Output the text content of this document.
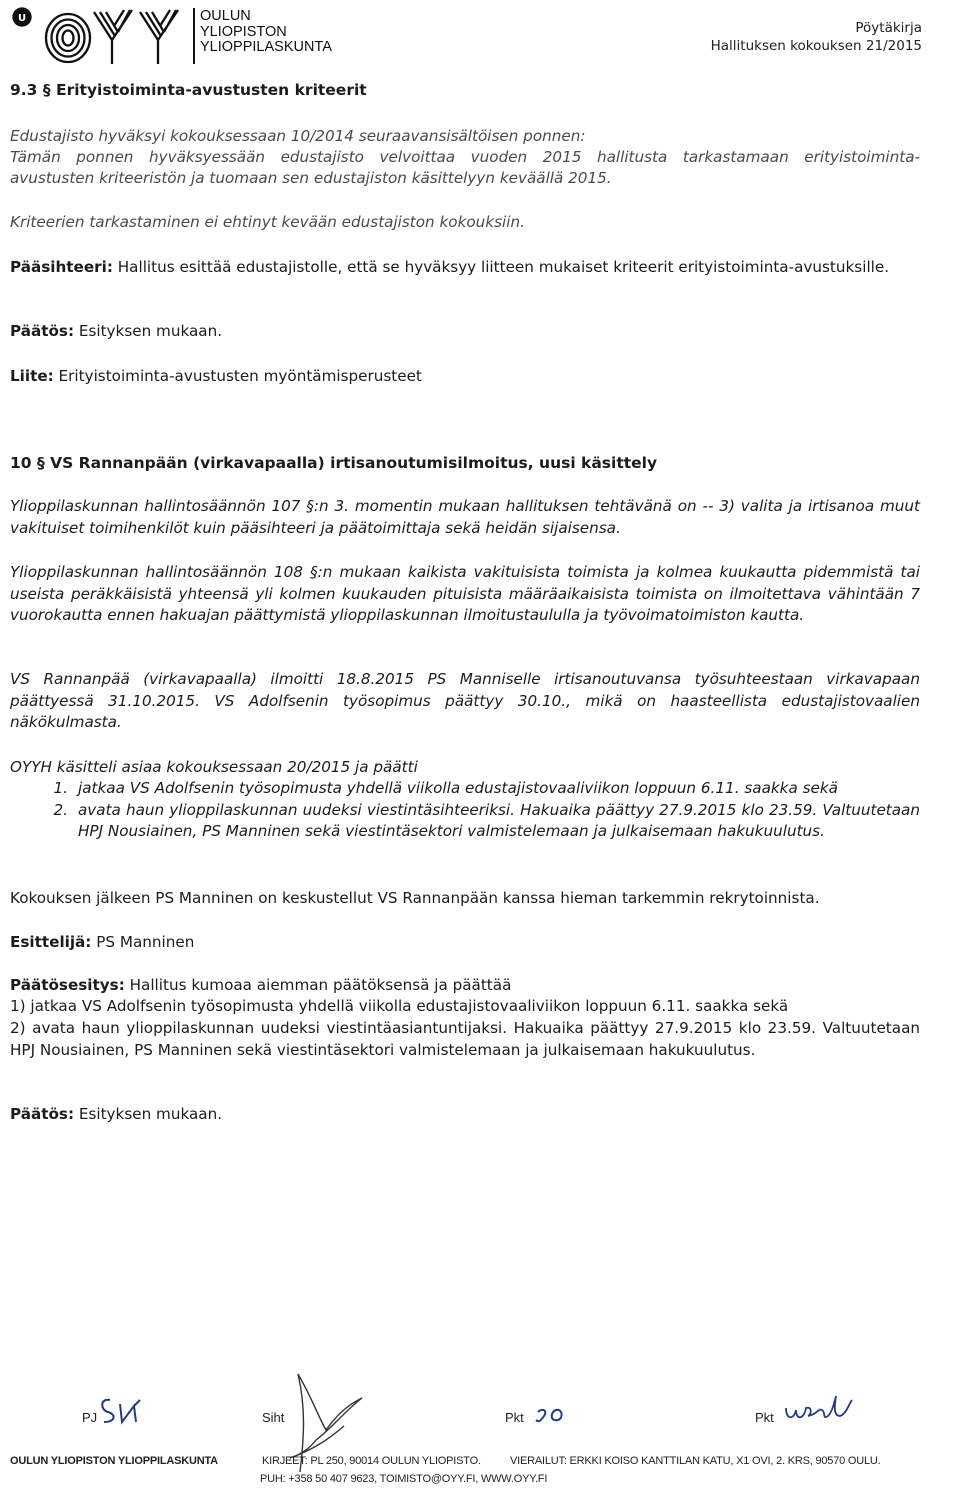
U	OULUN
YLIOPISTON
YLIOPPILASKUNTA
Pöytäkirja
Hallituksen kokouksen 21/2015
9.3 § Erityistoiminta-avustusten kriteerit
Edustajisto hyväksyi kokouksessaan 10/2014 seuraavansisältöisen ponnen:
Tämän ponnen hyväksyessään edustajisto velvoittaa vuoden 2015 hallitusta tarkastamaan erityistoiminta-
avustusten kriteeristön ja tuomaan sen edustajiston käsittelyyn keväällä 2015.
Kriteerien tarkastaminen ei ehtinyt kevään edustajiston kokouksiin.
Pääsihteeri: Hallitus esittää edustajistolle, että se hyväksyy liitteen mukaiset kriteerit erityistoiminta-avustuksille.
Päätös: Esityksen mukaan.
Liite: Erityistoiminta-avustusten myöntämisperusteet
10 § VS Rannanpään (virkavapaalla) irtisanoutumisilmoitus, uusi käsittely
Ylioppilaskunnan hallintosäännön 107 §:n 3. momentin mukaan hallituksen tehtävänä on -- 3) valita ja irtisanoa muut vakituiset toimihenkilöt kuin pääsihteeri ja päätoimittaja sekä heidän sijaisensa.
Ylioppilaskunnan hallintosäännön 108 §:n mukaan kaikista vakituisista toimista ja kolmea kuukautta pidemmistä tai useista peräkkäisistä yhteensä yli kolmen kuukauden pituisista määräaikaisista toimista on ilmoitettava vähintään 7 vuorokautta ennen hakuajan päättymistä ylioppilaskunnan ilmoitustaululla ja työvoimatoimiston kautta.
VS Rannanpää (virkavapaalla) ilmoitti 18.8.2015 PS Manniselle irtisanoutuvansa työsuhteestaan virkavapaan päättyessä 31.10.2015. VS Adolfsenin työsopimus päättyy 30.10., mikä on haasteellista edustajistovaalien näkökulmasta.
OYYH käsitteli asiaa kokouksessaan 20/2015 ja päätti
1. jatkaa VS Adolfsenin työsopimusta yhdellä viikolla edustajistovaaliviikon loppuun 6.11. saakka sekä
2. avata haun ylioppilaskunnan uudeksi viestintäsihteeriksi. Hakuaika päättyy 27.9.2015 klo 23.59. Valtuutetaan HPJ Nousiainen, PS Manninen sekä viestintäsektori valmistelemaan ja julkaisemaan hakukuulutus.
Kokouksen jälkeen PS Manninen on keskustellut VS Rannanpään kanssa hieman tarkemmin rekrytoinnista.
Esittelijä: PS Manninen
Päätösesitys: Hallitus kumoaa aiemman päätöksensä ja päättää
1) jatkaa VS Adolfsenin työsopimusta yhdellä viikolla edustajistovaaliviikon loppuun 6.11. saakka sekä
2) avata haun ylioppilaskunnan uudeksi viestintäasiantuntijaksi. Hakuaika päättyy 27.9.2015 klo 23.59. Valtuutetaan HPJ Nousiainen, PS Manninen sekä viestintäsektori valmistelemaan ja julkaisemaan hakukuulutus.
Päätös: Esityksen mukaan.
PJ	Siht	Pkt	Pkt
OULUN YLIOPISTON YLIOPPILASKUNTA	KIRJEET: PL 250, 90014 OULUN YLIOPISTO.	VIERAILUT: ERKKI KOISO KANTTILAN KATU, X1 OVI, 2. KRS, 90570 OULU.
PUH: +358 50 407 9623, TOIMISTO@OYY.FI, WWW.OYY.FI
